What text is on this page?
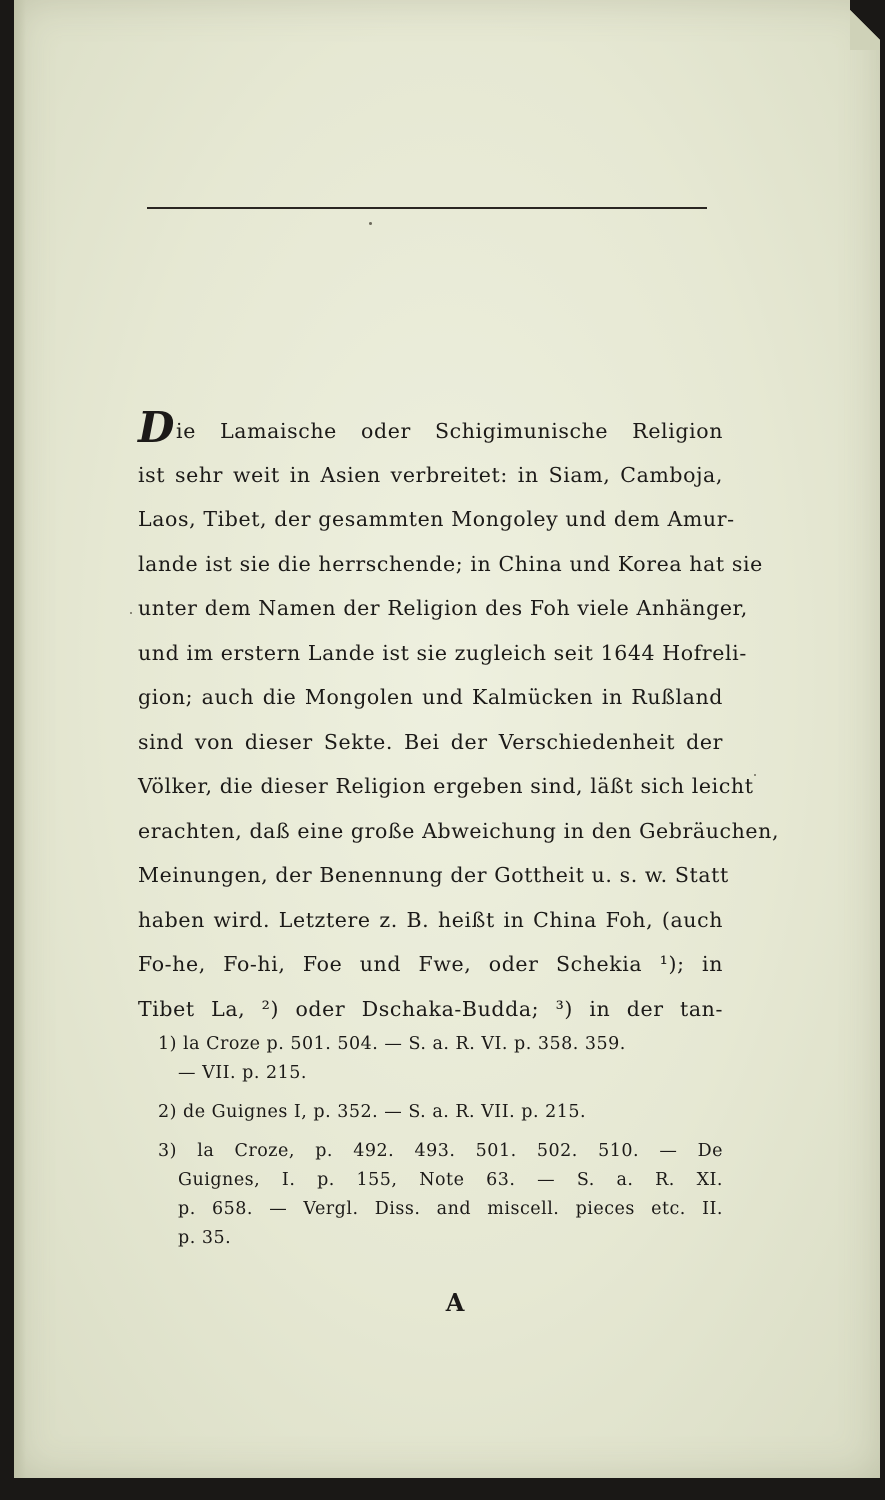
Die Lamaische oder Schigimunische Religion
ist sehr weit in Asien verbreitet: in Siam, Camboja,
Laos, Tibet, der gesammten Mongoley und dem Amur-
lande ist sie die herrschende; in China und Korea hat sie
unter dem Namen der Religion des Foh viele Anhänger,
und im erstern Lande ist sie zugleich seit 1644 Hofreli-
gion; auch die Mongolen und Kalmücken in Rußland
sind von dieser Sekte. Bei der Verschiedenheit der
Völker, die dieser Religion ergeben sind, läßt sich leicht
erachten, daß eine große Abweichung in den Gebräuchen,
Meinungen, der Benennung der Gottheit u. s. w. Statt
haben wird. Letztere z. B. heißt in China Foh, (auch
Fo-he, Fo-hi, Foe und Fwe, oder Schekia ¹); in
Tibet La, ²) oder Dschaka-Budda; ³) in der tan-
1) la Croze p. 501. 504. — S. a. R. VI. p. 358. 359.
— VII. p. 215.
2) de Guignes I, p. 352. — S. a. R. VII. p. 215.
3) la Croze, p. 492. 493. 501. 502. 510. — De
Guignes, I. p. 155, Note 63. — S. a. R. XI.
p. 658. — Vergl. Diss. and miscell. pieces etc. II.
p. 35.
A
